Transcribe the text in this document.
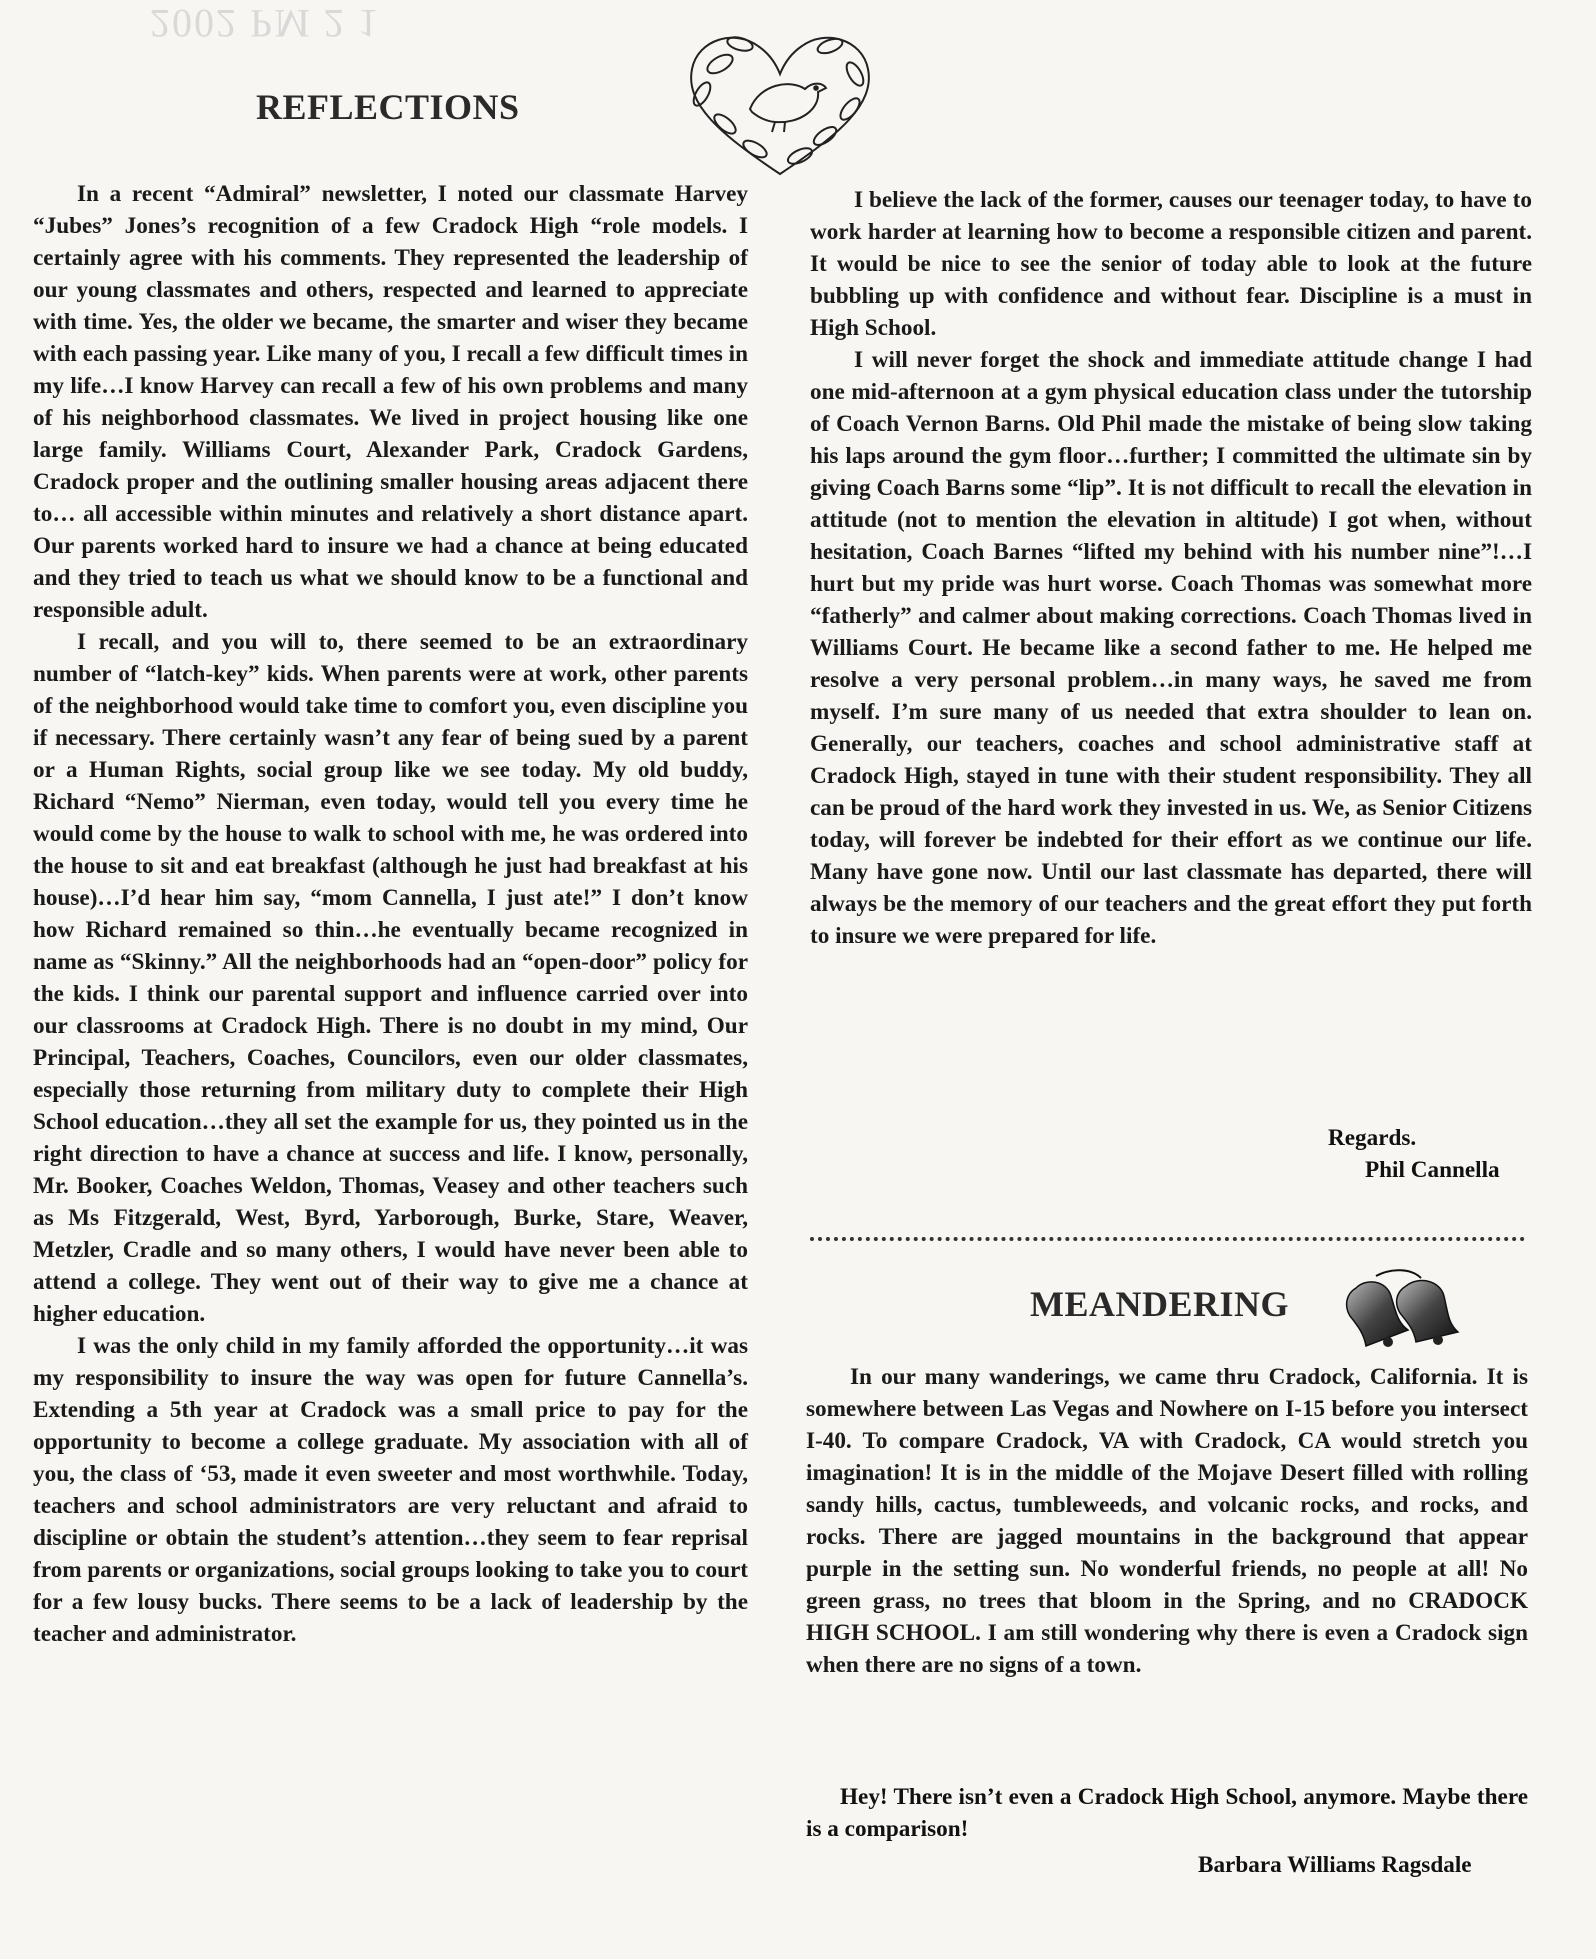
2002 PM 2 1
REFLECTIONS

In a recent “Admiral” newsletter, I noted our classmate Harvey “Jubes” Jones’s recognition of a few Cradock High “role models. I certainly agree with his comments. They represented the leadership of our young classmates and others, respected and learned to appreciate with time. Yes, the older we became, the smarter and wiser they became with each passing year. Like many of you, I recall a few difficult times in my life…I know Harvey can recall a few of his own problems and many of his neighborhood classmates. We lived in project housing like one large family. Williams Court, Alexander Park, Cradock Gardens, Cradock proper and the outlining smaller housing areas adjacent there to… all accessible within minutes and relatively a short distance apart. Our parents worked hard to insure we had a chance at being educated and they tried to teach us what we should know to be a functional and responsible adult.

I recall, and you will to, there seemed to be an extraordinary number of “latch-key” kids. When parents were at work, other parents of the neighborhood would take time to comfort you, even discipline you if necessary. There certainly wasn’t any fear of being sued by a parent or a Human Rights, social group like we see today. My old buddy, Richard “Nemo” Nierman, even today, would tell you every time he would come by the house to walk to school with me, he was ordered into the house to sit and eat breakfast (although he just had breakfast at his house)…I’d hear him say, “mom Cannella, I just ate!” I don’t know how Richard remained so thin…he eventually became recognized in name as “Skinny.” All the neighborhoods had an “open-door” policy for the kids. I think our parental support and influence carried over into our classrooms at Cradock High. There is no doubt in my mind, Our Principal, Teachers, Coaches, Councilors, even our older classmates, especially those returning from military duty to complete their High School education…they all set the example for us, they pointed us in the right direction to have a chance at success and life. I know, personally, Mr. Booker, Coaches Weldon, Thomas, Veasey and other teachers such as Ms Fitzgerald, West, Byrd, Yarborough, Burke, Stare, Weaver, Metzler, Cradle and so many others, I would have never been able to attend a college. They went out of their way to give me a chance at higher education.

I was the only child in my family afforded the opportunity…it was my responsibility to insure the way was open for future Cannella’s. Extending a 5th year at Cradock was a small price to pay for the opportunity to become a college graduate. My association with all of you, the class of ‘53, made it even sweeter and most worthwhile. Today, teachers and school administrators are very reluctant and afraid to discipline or obtain the student’s attention…they seem to fear reprisal from parents or organizations, social groups looking to take you to court for a few lousy bucks. There seems to be a lack of leadership by the teacher and administrator.

I believe the lack of the former, causes our teenager today, to have to work harder at learning how to become a responsible citizen and parent. It would be nice to see the senior of today able to look at the future bubbling up with confidence and without fear. Discipline is a must in High School.

I will never forget the shock and immediate attitude change I had one mid-afternoon at a gym physical education class under the tutorship of Coach Vernon Barns. Old Phil made the mistake of being slow taking his laps around the gym floor…further; I committed the ultimate sin by giving Coach Barns some “lip”. It is not difficult to recall the elevation in attitude (not to mention the elevation in altitude) I got when, without hesitation, Coach Barnes “lifted my behind with his number nine”!…I hurt but my pride was hurt worse. Coach Thomas was somewhat more “fatherly” and calmer about making corrections. Coach Thomas lived in Williams Court. He became like a second father to me. He helped me resolve a very personal problem…in many ways, he saved me from myself. I’m sure many of us needed that extra shoulder to lean on. Generally, our teachers, coaches and school administrative staff at Cradock High, stayed in tune with their student responsibility. They all can be proud of the hard work they invested in us. We, as Senior Citizens today, will forever be indebted for their effort as we continue our life. Many have gone now. Until our last classmate has departed, there will always be the memory of our teachers and the great effort they put forth to insure we were prepared for life.

Regards.
Phil Cannella
MEANDERING

In our many wanderings, we came thru Cradock, California. It is somewhere between Las Vegas and Nowhere on I-15 before you intersect I-40. To compare Cradock, VA with Cradock, CA would stretch you imagination! It is in the middle of the Mojave Desert filled with rolling sandy hills, cactus, tumbleweeds, and volcanic rocks, and rocks, and rocks. There are jagged mountains in the background that appear purple in the setting sun. No wonderful friends, no people at all! No green grass, no trees that bloom in the Spring, and no CRADOCK HIGH SCHOOL. I am still wondering why there is even a Cradock sign when there are no signs of a town.

Hey! There isn’t even a Cradock High School, anymore. Maybe there is a comparison!
Barbara Williams Ragsdale
